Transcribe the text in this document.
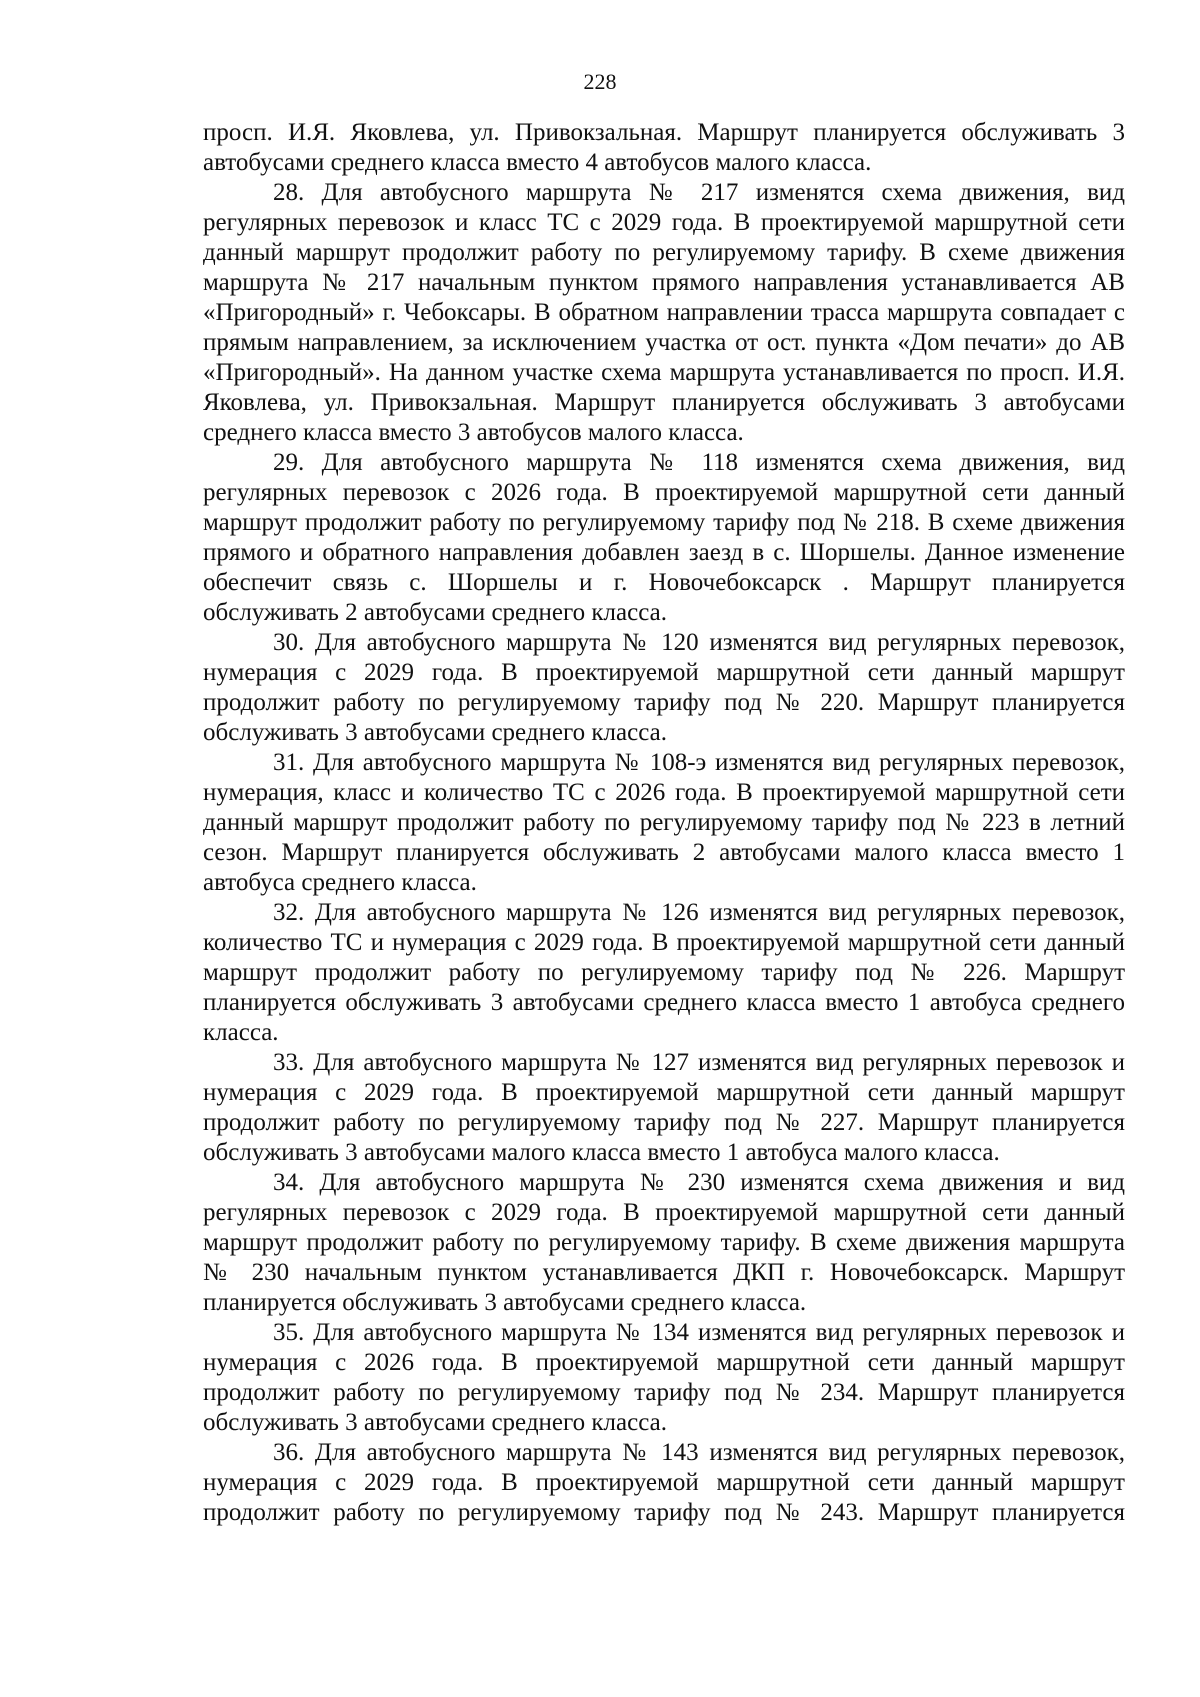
228

просп. И.Я. Яковлева, ул. Привокзальная. Маршрут планируется обслуживать 3 автобусами среднего класса вместо 4 автобусов малого класса.

28. Для автобусного маршрута № 217 изменятся схема движения, вид регулярных перевозок и класс ТС с 2029 года. В проектируемой маршрутной сети данный маршрут продолжит работу по регулируемому тарифу. В схеме движения маршрута № 217 начальным пунктом прямого направления устанавливается АВ «Пригородный» г. Чебоксары. В обратном направлении трасса маршрута совпадает с прямым направлением, за исключением участка от ост. пункта «Дом печати» до АВ «Пригородный». На данном участке схема маршрута устанавливается по просп. И.Я. Яковлева, ул. Привокзальная. Маршрут планируется обслуживать 3 автобусами среднего класса вместо 3 автобусов малого класса.

29. Для автобусного маршрута № 118 изменятся схема движения, вид регулярных перевозок с 2026 года. В проектируемой маршрутной сети данный маршрут продолжит работу по регулируемому тарифу под № 218. В схеме движения прямого и обратного направления добавлен заезд в с. Шоршелы. Данное изменение обеспечит связь с. Шоршелы и г. Новочебоксарск . Маршрут планируется обслуживать 2 автобусами среднего класса.

30. Для автобусного маршрута № 120 изменятся вид регулярных перевозок, нумерация с 2029 года. В проектируемой маршрутной сети данный маршрут продолжит работу по регулируемому тарифу под № 220. Маршрут планируется обслуживать 3 автобусами среднего класса.

31. Для автобусного маршрута № 108-э изменятся вид регулярных перевозок, нумерация, класс и количество ТС с 2026 года. В проектируемой маршрутной сети данный маршрут продолжит работу по регулируемому тарифу под № 223 в летний сезон. Маршрут планируется обслуживать 2 автобусами малого класса вместо 1 автобуса среднего класса.

32. Для автобусного маршрута № 126 изменятся вид регулярных перевозок, количество ТС и нумерация с 2029 года. В проектируемой маршрутной сети данный маршрут продолжит работу по регулируемому тарифу под № 226. Маршрут планируется обслуживать 3 автобусами среднего класса вместо 1 автобуса среднего класса.

33. Для автобусного маршрута № 127 изменятся вид регулярных перевозок и нумерация с 2029 года. В проектируемой маршрутной сети данный маршрут продолжит работу по регулируемому тарифу под № 227. Маршрут планируется обслуживать 3 автобусами малого класса вместо 1 автобуса малого класса.

34. Для автобусного маршрута № 230 изменятся схема движения и вид регулярных перевозок с 2029 года. В проектируемой маршрутной сети данный маршрут продолжит работу по регулируемому тарифу. В схеме движения маршрута № 230 начальным пунктом устанавливается ДКП г. Новочебоксарск. Маршрут планируется обслуживать 3 автобусами среднего класса.

35. Для автобусного маршрута № 134 изменятся вид регулярных перевозок и нумерация с 2026 года. В проектируемой маршрутной сети данный маршрут продолжит работу по регулируемому тарифу под № 234. Маршрут планируется обслуживать 3 автобусами среднего класса.

36. Для автобусного маршрута № 143 изменятся вид регулярных перевозок, нумерация с 2029 года. В проектируемой маршрутной сети данный маршрут продолжит работу по регулируемому тарифу под № 243. Маршрут планируется
